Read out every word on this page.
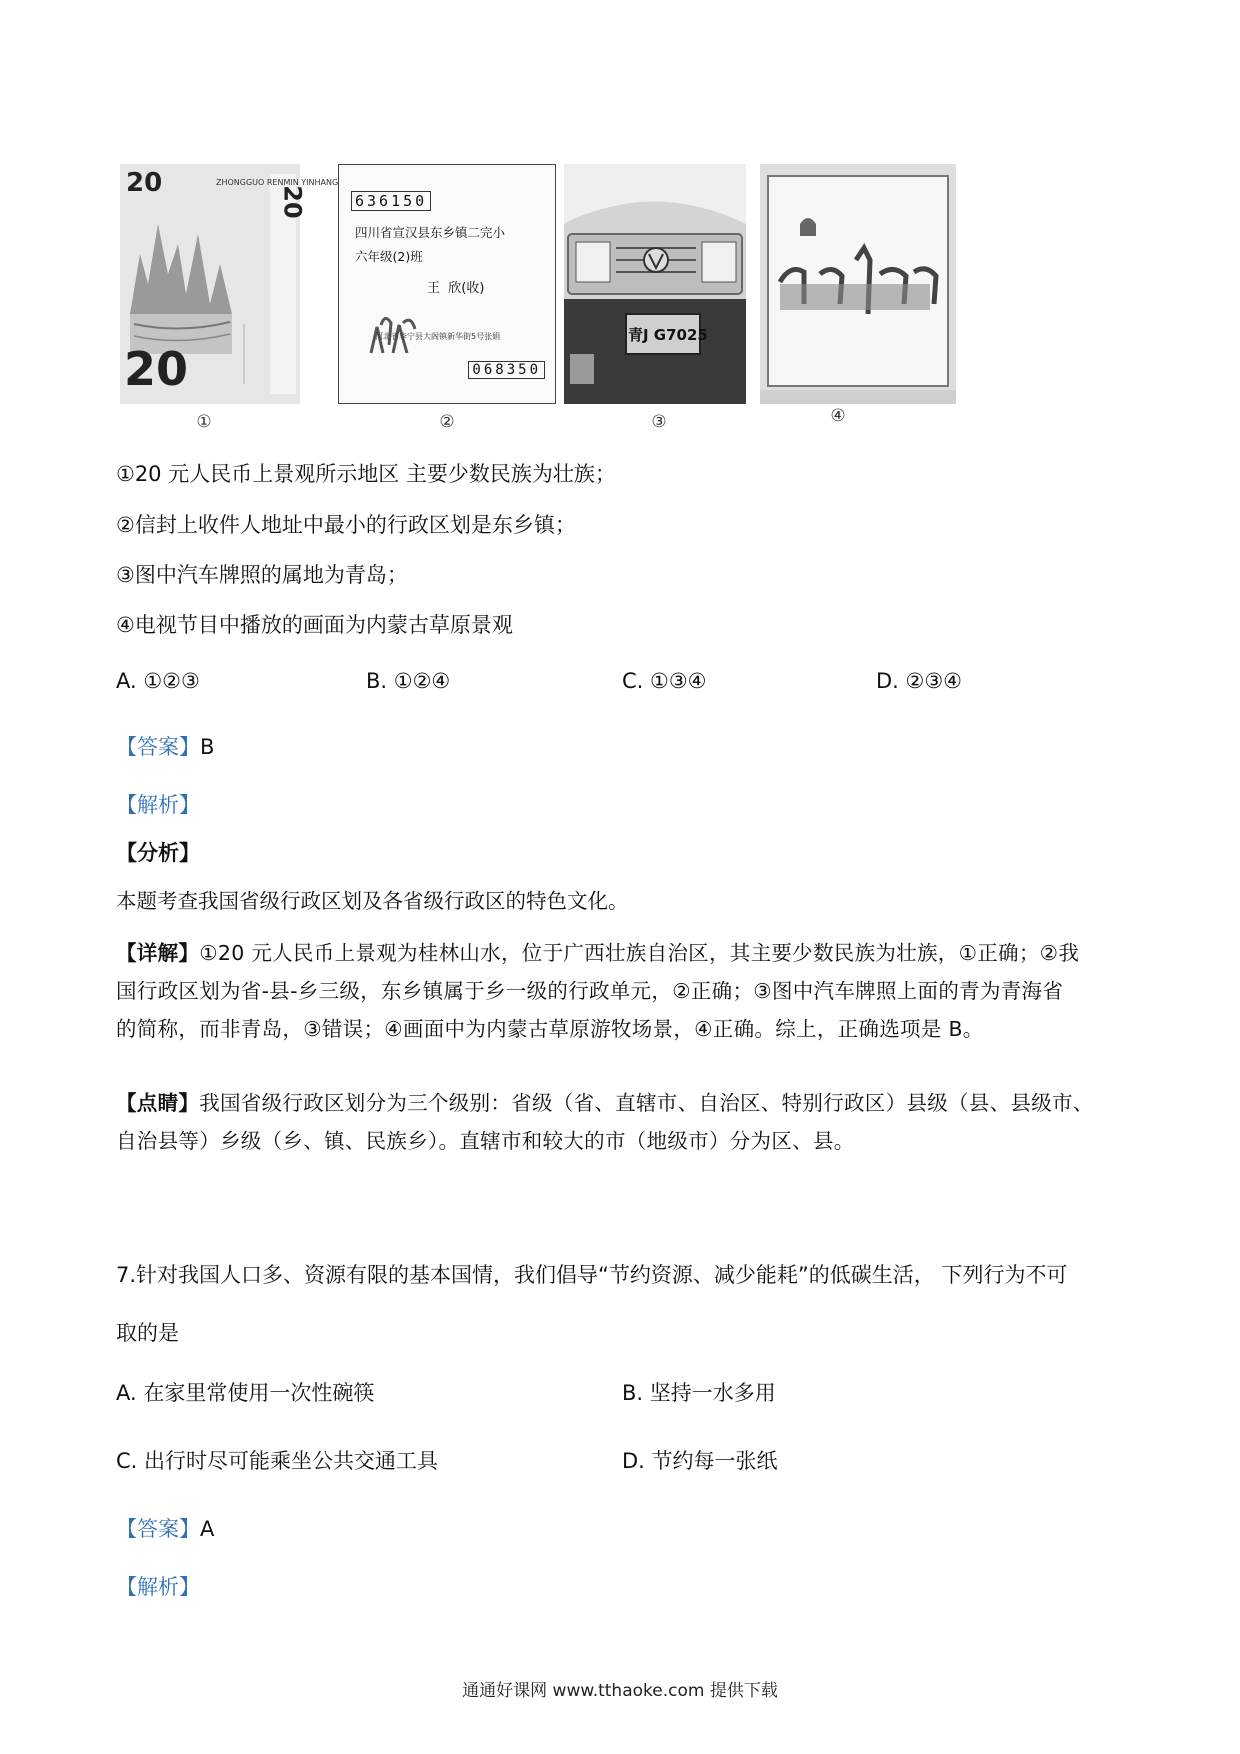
20
20
ZHONGGUO RENMIN YINHANG
20
①
636150
四川省宣汉县东乡镇二完小
六年级(2)班
王  欣(收)
河北省李宁县大阁镇新华街5号张娟
068350
②
青J G7025
③	④
①20 元人民币上景观所示地区 主要少数民族为壮族；
②信封上收件人地址中最小的行政区划是东乡镇；
③图中汽车牌照的属地为青岛；
④电视节目中播放的画面为内蒙古草原景观
A. ①②③	B. ①②④	C. ①③④	D. ②③④
【答案】B
【解析】
【分析】
本题考查我国省级行政区划及各省级行政区的特色文化。
【详解】①20 元人民币上景观为桂林山水，位于广西壮族自治区，其主要少数民族为壮族，①正确；②我
国行政区划为省-县-乡三级，东乡镇属于乡一级的行政单元，②正确；③图中汽车牌照上面的青为青海省
的简称，而非青岛，③错误；④画面中为内蒙古草原游牧场景，④正确。综上，正确选项是 B。
【点睛】我国省级行政区划分为三个级别：省级（省、直辖市、自治区、特别行政区）县级（县、县级市、
自治县等）乡级（乡、镇、民族乡）。直辖市和较大的市（地级市）分为区、县。
7.针对我国人口多、资源有限的基本国情，我们倡导“节约资源、减少能耗”的低碳生活， 下列行为不可
取的是
A. 在家里常使用一次性碗筷	B. 坚持一水多用
C. 出行时尽可能乘坐公共交通工具	D. 节约每一张纸
【答案】A
【解析】
通通好课网 www.tthaoke.com 提供下载
